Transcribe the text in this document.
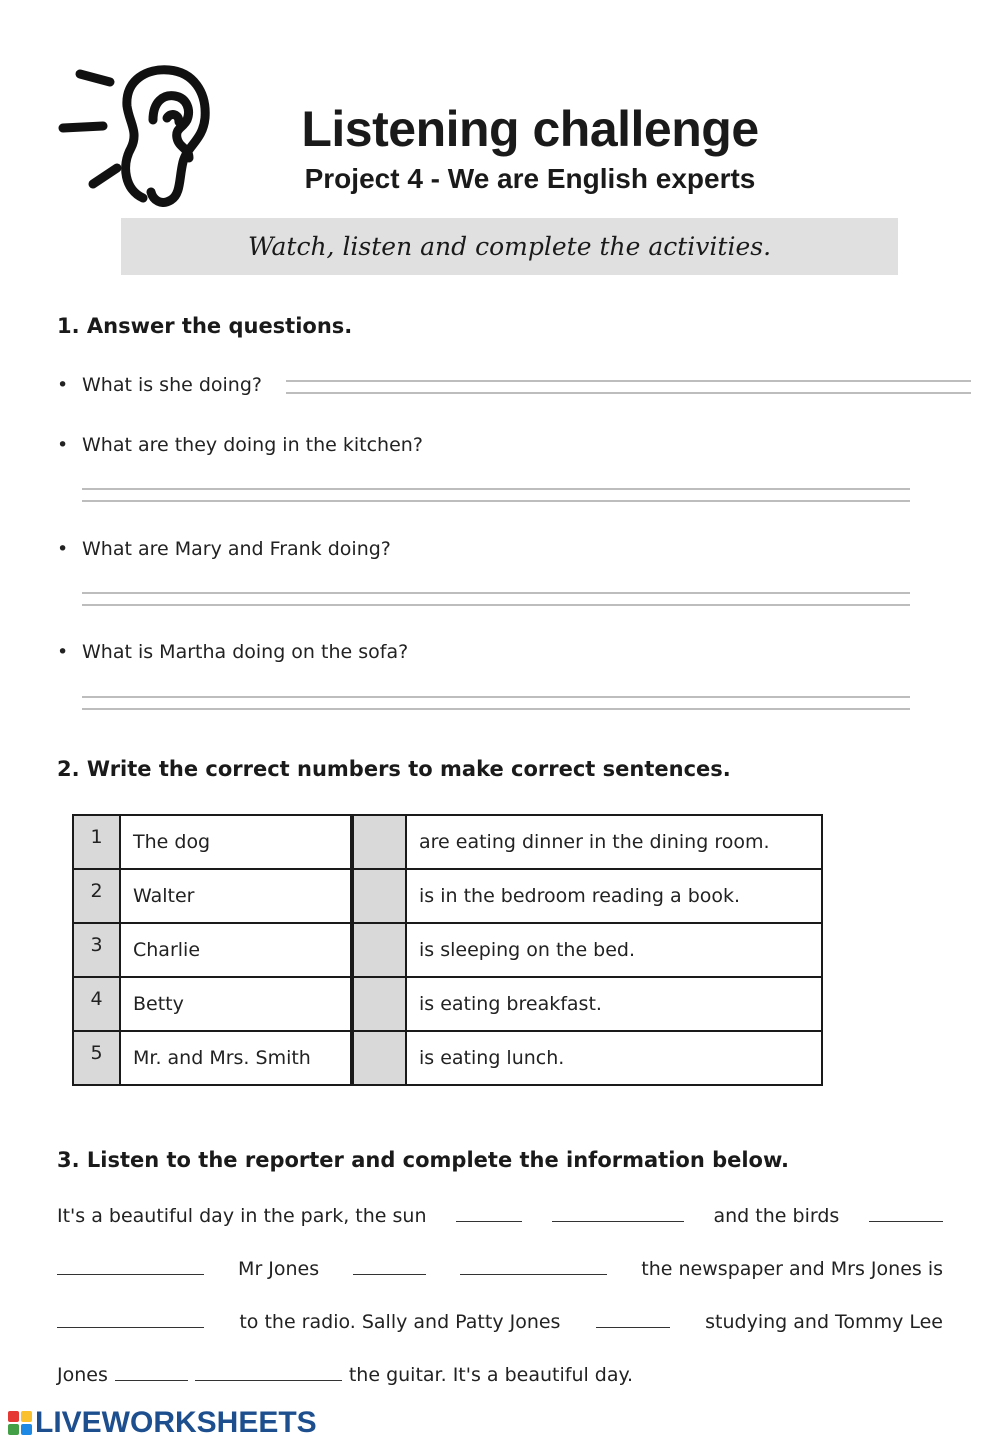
Listening challenge
Project 4 - We are English experts
Watch, listen and complete the activities.
1. Answer the questions.
• What is she doing?
• What are they doing in the kitchen?
• What are Mary and Frank doing?
• What is Martha doing on the sofa?
2. Write the correct numbers to make correct sentences.
1	The dog		are eating dinner in the dining room.
2	Walter		is in the bedroom reading a book.
3	Charlie		is sleeping on the bed.
4	Betty		is eating breakfast.
5	Mr. and Mrs. Smith		is eating lunch.
3. Listen to the reporter and complete the information below.
It's a beautiful day in the park, the sun	and the birds
Mr Jones	the newspaper and Mrs Jones is
to the radio. Sally and Patty Jones	studying and Tommy Lee
Jones	the guitar. It's a beautiful day.
LIVEWORKSHEETS
